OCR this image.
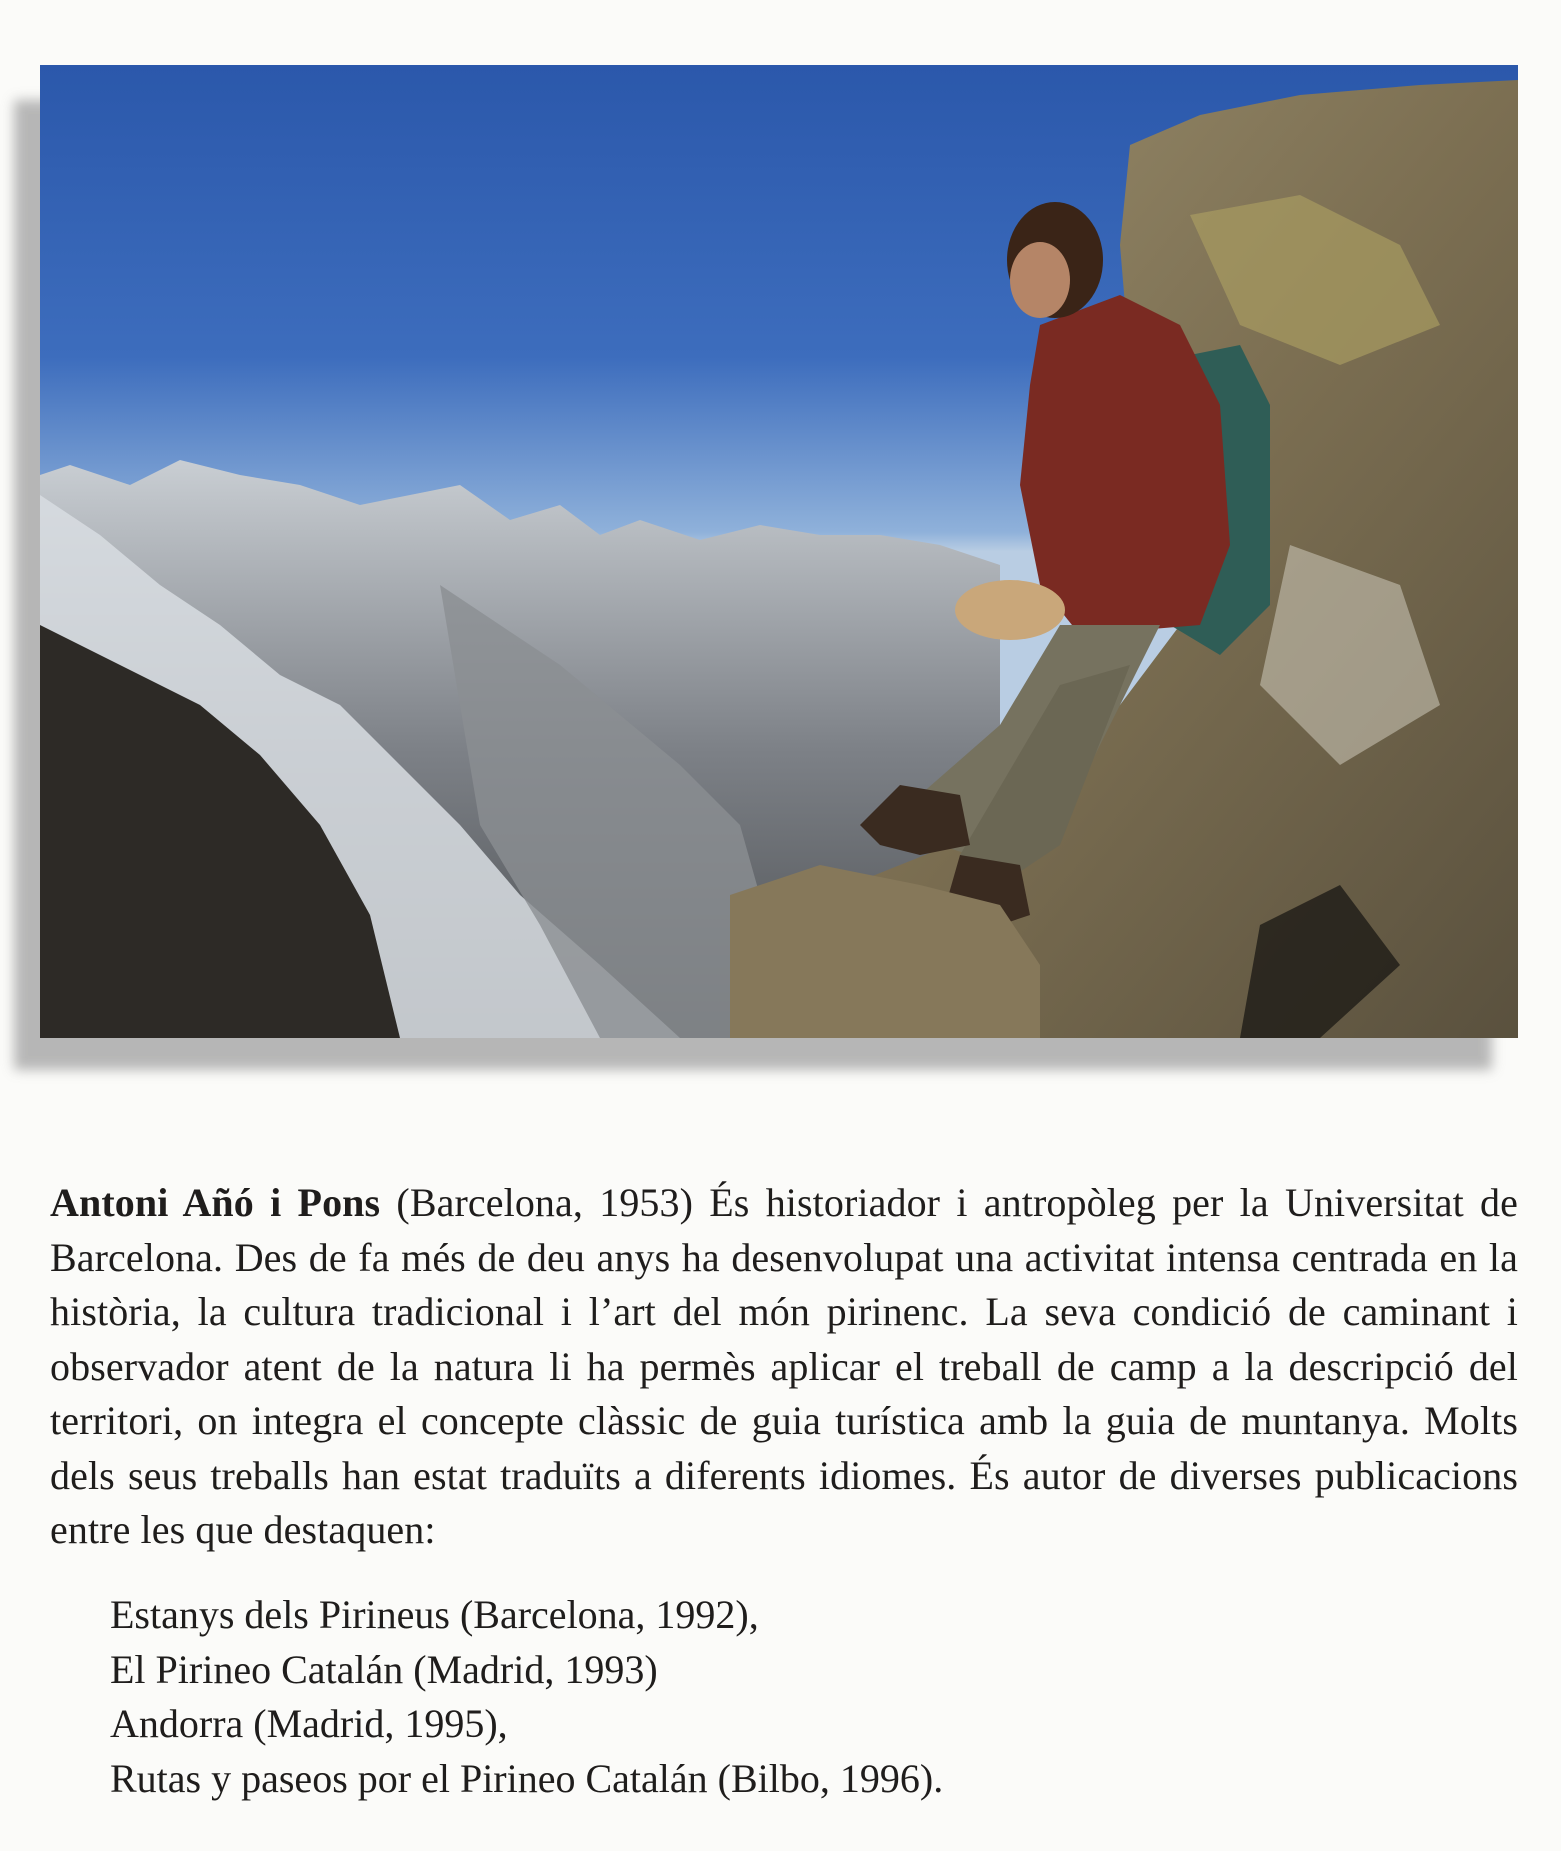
Antoni Añó i Pons (Barcelona, 1953) És historiador i antropòleg per la Universitat de Barcelona. Des de fa més de deu anys ha desenvolupat una activitat intensa centrada en la història, la cultura tradicional i l’art del món pirinenc. La seva condició de caminant i observador atent de la natura li ha permès aplicar el treball de camp a la descripció del territori, on integra el concepte clàssic de guia turística amb la guia de muntanya. Molts dels seus treballs han estat traduïts a diferents idiomes. És autor de diverses publicacions entre les que destaquen:

Estanys dels Pirineus (Barcelona, 1992),
El Pirineo Catalán (Madrid, 1993)
Andorra (Madrid, 1995),
Rutas y paseos por el Pirineo Catalán (Bilbo, 1996).
